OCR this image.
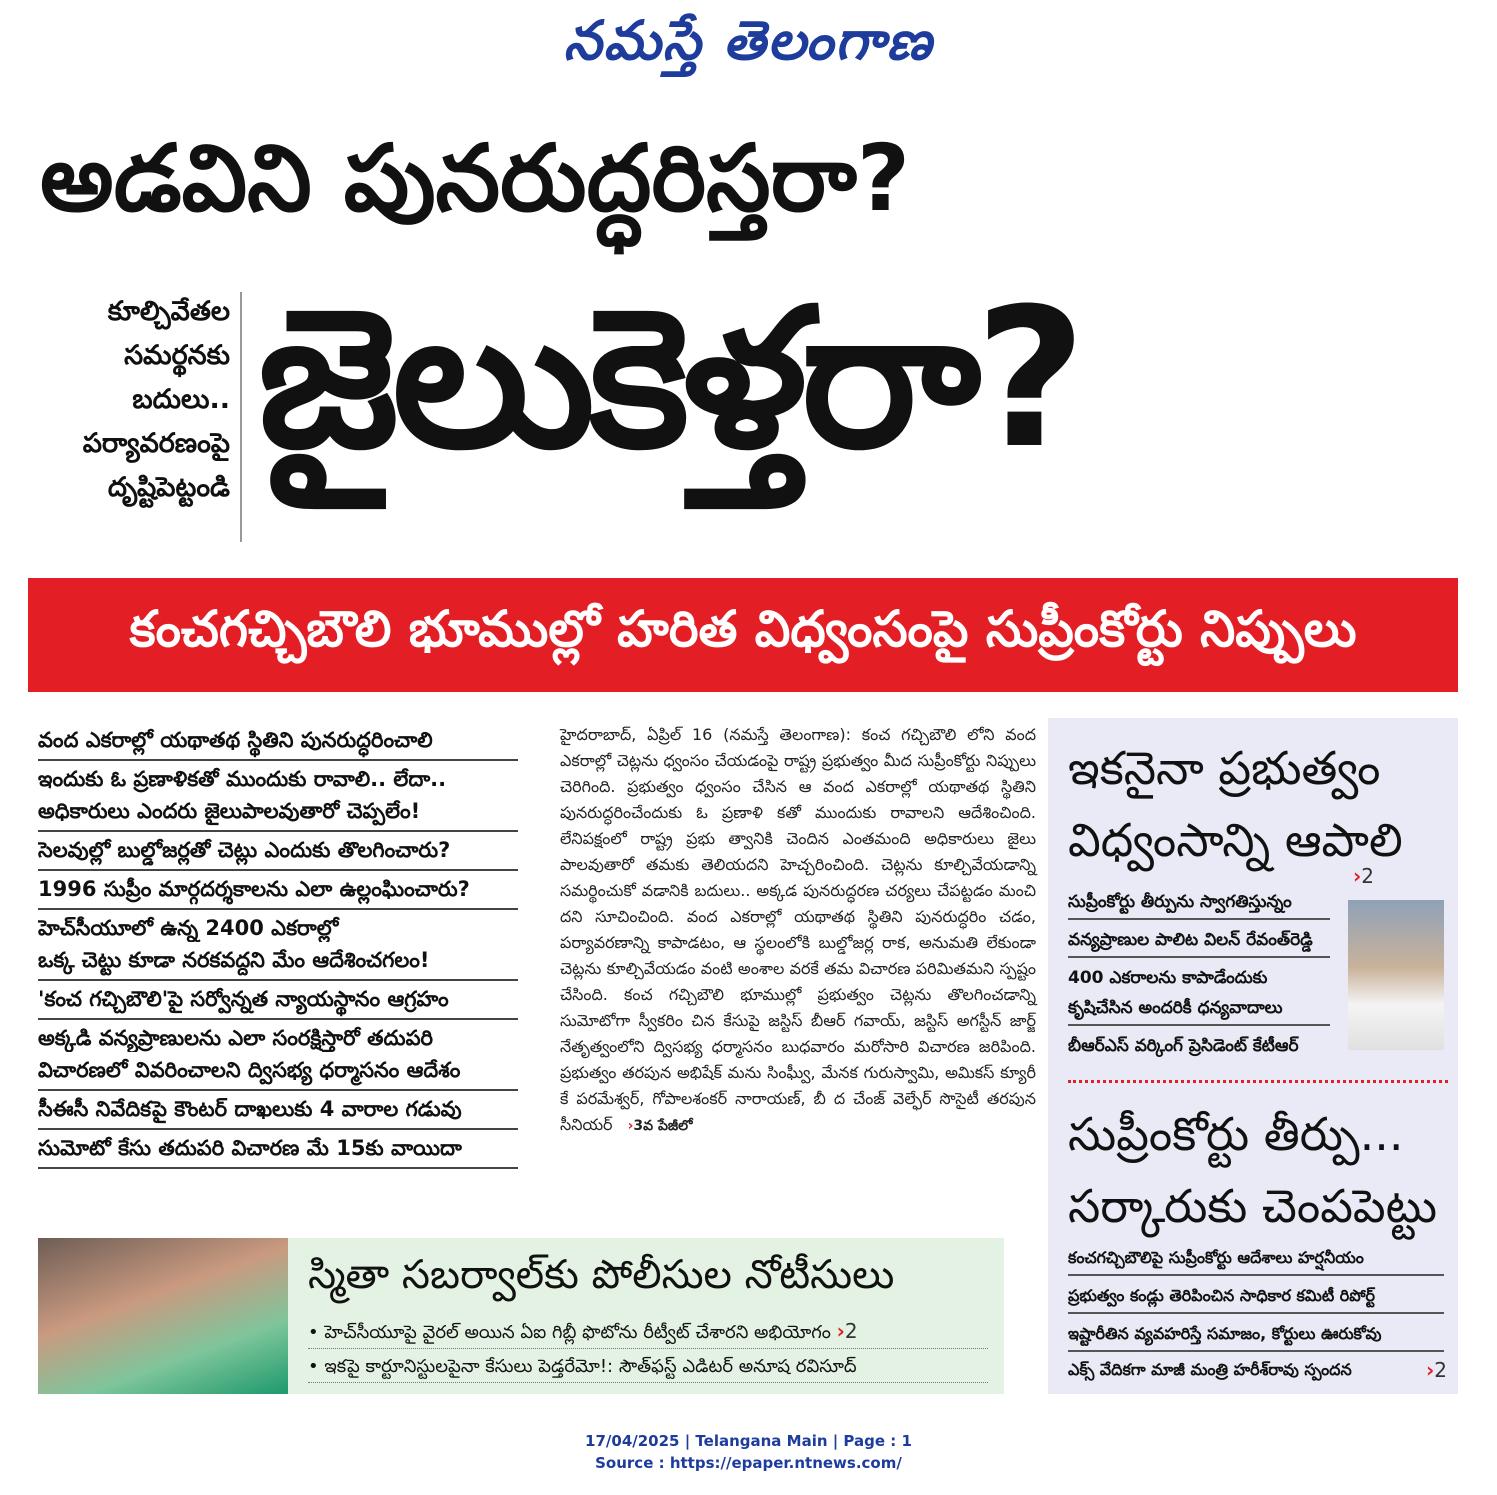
నమస్తే తెలంగాణ
అడవిని పునరుద్ధరిస్తరా?
కూల్చివేతల
సమర్థనకు
బదులు..
పర్యావరణంపై
దృష్టిపెట్టండి జైలుకెళ్తరా?
కంచగచ్చిబౌలి భూముల్లో హరిత విధ్వంసంపై సుప్రీంకోర్టు నిప్పులు
వంద ఎకరాల్లో యథాతథ స్థితిని పునరుద్ధరించాలి
ఇందుకు ఓ ప్రణాళికతో ముందుకు రావాలి.. లేదా..
అధికారులు ఎందరు జైలుపాలవుతారో చెప్పలేం!
సెలవుల్లో బుల్డోజర్లతో చెట్లు ఎందుకు తొలగించారు?
1996 సుప్రీం మార్గదర్శకాలను ఎలా ఉల్లంఘించారు?
హెచ్‌సీయూలో ఉన్న 2400 ఎకరాల్లో
ఒక్క చెట్టు కూడా నరకవద్దని మేం ఆదేశించగలం!
'కంచ గచ్చిబౌలి'పై సర్వోన్నత న్యాయస్థానం ఆగ్రహం
అక్కడి వన్యప్రాణులను ఎలా సంరక్షిస్తారో తదుపరి
విచారణలో వివరించాలని ద్విసభ్య ధర్మాసనం ఆదేశం
సీఈసీ నివేదికపై కౌంటర్ దాఖలుకు 4 వారాల గడువు
సుమోటో కేసు తదుపరి విచారణ మే 15కు వాయిదా
హైదరాబాద్, ఏప్రిల్ 16 (నమస్తే తెలంగాణ): కంచ గచ్చిబౌలి లోని వంద ఎకరాల్లో చెట్లను ధ్వంసం చేయడంపై రాష్ట్ర ప్రభుత్వం మీద సుప్రీంకోర్టు నిప్పులు చెరిగింది. ప్రభుత్వం ధ్వంసం చేసిన ఆ వంద ఎకరాల్లో యథాతథ స్థితిని పునరుద్ధరించేందుకు ఓ ప్రణాళి కతో ముందుకు రావాలని ఆదేశించింది. లేనిపక్షంలో రాష్ట్ర ప్రభు త్వానికి చెందిన ఎంతమంది అధికారులు జైలు పాలవుతారో తమకు తెలియదని హెచ్చరించింది. చెట్లను కూల్చివేయడాన్ని సమర్థించుకో వడానికి బదులు.. అక్కడ పునరుద్ధరణ చర్యలు చేపట్టడం మంచి దని సూచించింది. వంద ఎకరాల్లో యథాతథ స్థితిని పునరుద్ధరిం చడం, పర్యావరణాన్ని కాపాడటం, ఆ స్థలంలోకి బుల్డోజర్ల రాక, అనుమతి లేకుండా చెట్లను కూల్చివేయడం వంటి అంశాల వరకే తమ విచారణ పరిమితమని స్పష్టం చేసింది. కంచ గచ్చిబౌలి భూముల్లో ప్రభుత్వం చెట్లను తొలగించడాన్ని సుమోటోగా స్వీకరిం చిన కేసుపై జస్టిస్ బీఆర్ గవాయ్, జస్టిస్ అగస్టీన్ జార్జ్ నేతృత్వంలోని ద్విసభ్య ధర్మాసనం బుధవారం మరోసారి విచారణ జరిపింది. ప్రభుత్వం తరపున అభిషేక్ మను సింఘ్వీ, మేనక గురుస్వామి, అమికస్ క్యూరీ కే పరమేశ్వర్, గోపాలశంకర్ నారాయణ్, బీ ద చేంజ్ వెల్ఫేర్ సొసైటీ తరపున సీనియర్ ›3వ పేజీలో
ఇకనైనా ప్రభుత్వం
విధ్వంసాన్ని ఆపాలి
›2
సుప్రీంకోర్టు తీర్పును స్వాగతిస్తున్నం
వన్యప్రాణుల పాలిట విలన్ రేవంత్‌రెడ్డి
400 ఎకరాలను కాపాడేందుకు
కృషిచేసిన అందరికీ ధన్యవాదాలు
బీఆర్‌ఎస్ వర్కింగ్ ప్రెసిడెంట్ కేటీఆర్
సుప్రీంకోర్టు తీర్పు...
సర్కారుకు చెంపపెట్టు
కంచగచ్చిబౌలిపై సుప్రీంకోర్టు ఆదేశాలు హర్షనీయం
ప్రభుత్వం కండ్లు తెరిపించిన సాధికార కమిటీ రిపోర్ట్
ఇష్టారీతిన వ్యవహరిస్తే సమాజం, కోర్టులు ఊరుకోవు
ఎక్స్ వేదికగా మాజీ మంత్రి హరీశ్‌రావు స్పందన	›2
స్మితా సబర్వాల్‌కు పోలీసుల నోటీసులు
• హెచ్‌సీయూపై వైరల్ అయిన ఏఐ గిబ్లీ ఫొటోను రీట్వీట్ చేశారని అభియోగం ›2
• ఇకపై కార్టూనిస్టులపైనా కేసులు పెడ్తరేమో!: సౌత్‌ఫస్ట్ ఎడిటర్ అనూష రవిసూద్
17/04/2025 | Telangana Main | Page : 1
Source : https://epaper.ntnews.com/
